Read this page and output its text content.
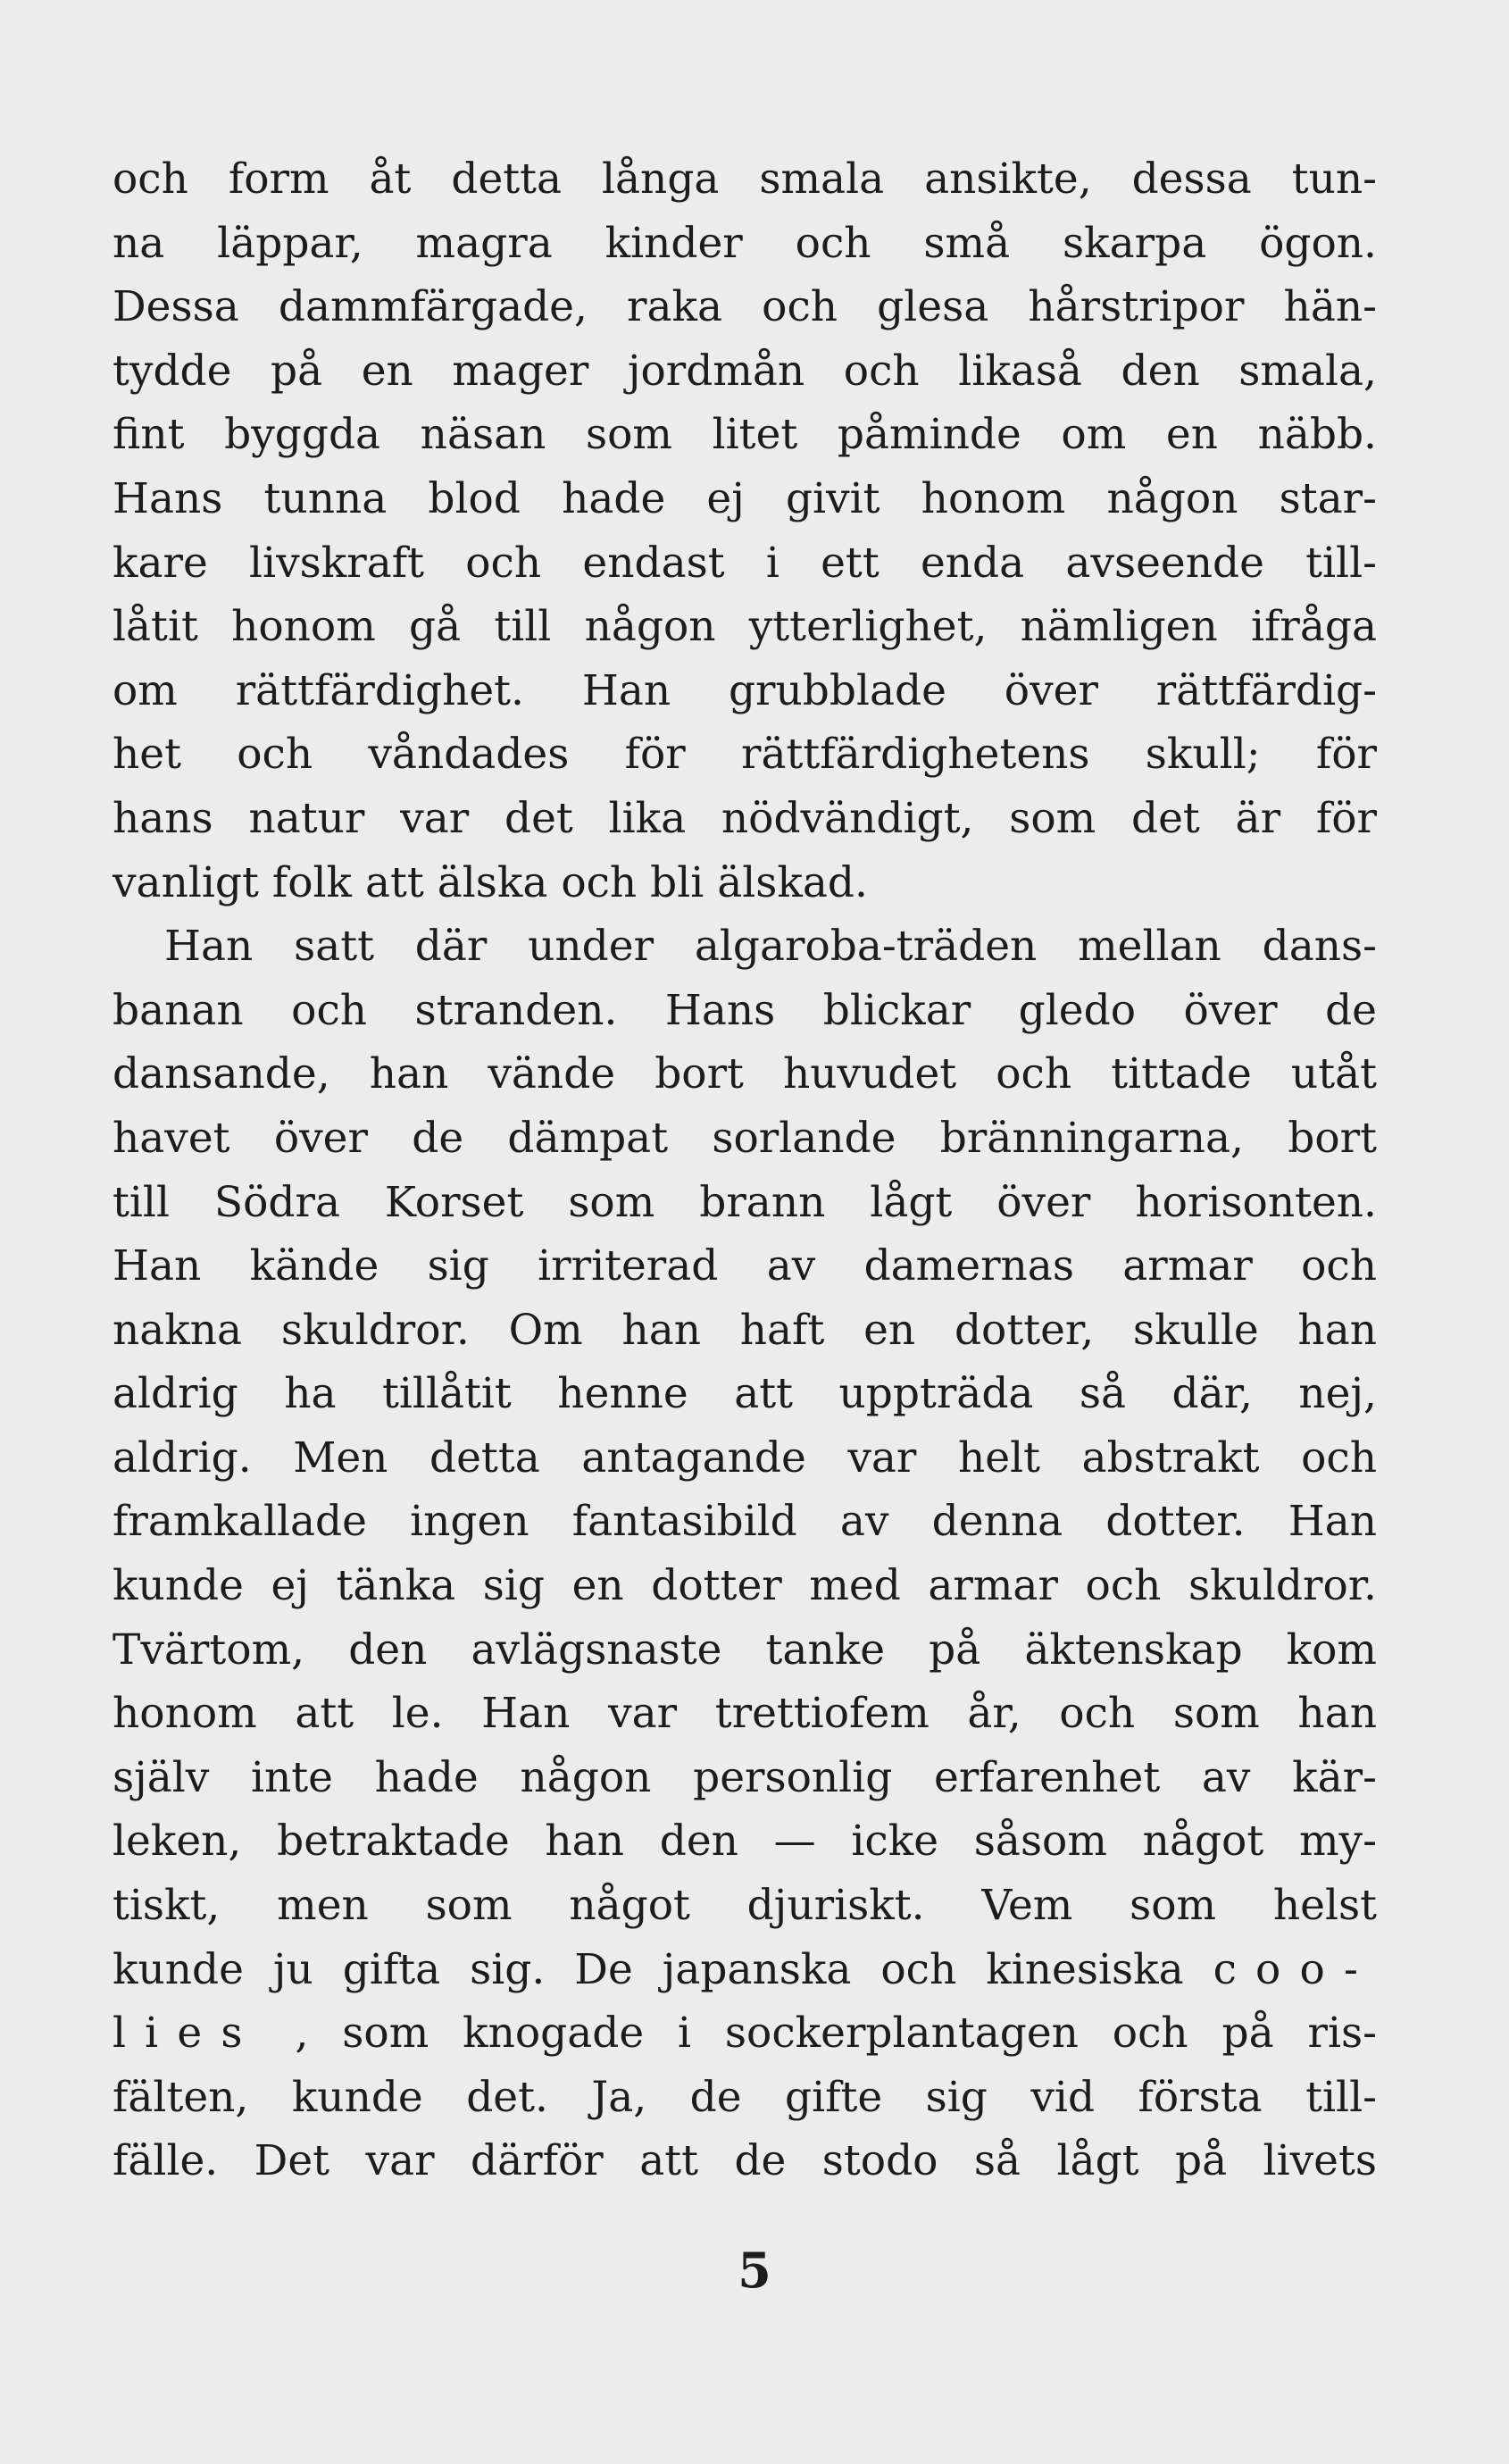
och form åt detta långa smala ansikte, dessa tun-
na läppar, magra kinder och små skarpa ögon.
Dessa dammfärgade, raka och glesa hårstripor hän-
tydde på en mager jordmån och likaså den smala,
fint byggda näsan som litet påminde om en näbb.
Hans tunna blod hade ej givit honom någon star-
kare livskraft och endast i ett enda avseende till-
låtit honom gå till någon ytterlighet, nämligen ifråga
om rättfärdighet. Han grubblade över rättfärdig-
het och våndades för rättfärdighetens skull; för
hans natur var det lika nödvändigt, som det är för
vanligt folk att älska och bli älskad.
Han satt där under algaroba-träden mellan dans-
banan och stranden. Hans blickar gledo över de
dansande, han vände bort huvudet och tittade utåt
havet över de dämpat sorlande bränningarna, bort
till Södra Korset som brann lågt över horisonten.
Han kände sig irriterad av damernas armar och
nakna skuldror. Om han haft en dotter, skulle han
aldrig ha tillåtit henne att uppträda så där, nej,
aldrig. Men detta antagande var helt abstrakt och
framkallade ingen fantasibild av denna dotter. Han
kunde ej tänka sig en dotter med armar och skuldror.
Tvärtom, den avlägsnaste tanke på äktenskap kom
honom att le. Han var trettiofem år, och som han
själv inte hade någon personlig erfarenhet av kär-
leken, betraktade han den — icke såsom något my-
tiskt, men som något djuriskt. Vem som helst
kunde ju gifta sig. De japanska och kinesiska coo-
lies , som knogade i sockerplantagen och på ris-
fälten, kunde det. Ja, de gifte sig vid första till-
fälle. Det var därför att de stodo så lågt på livets
5
